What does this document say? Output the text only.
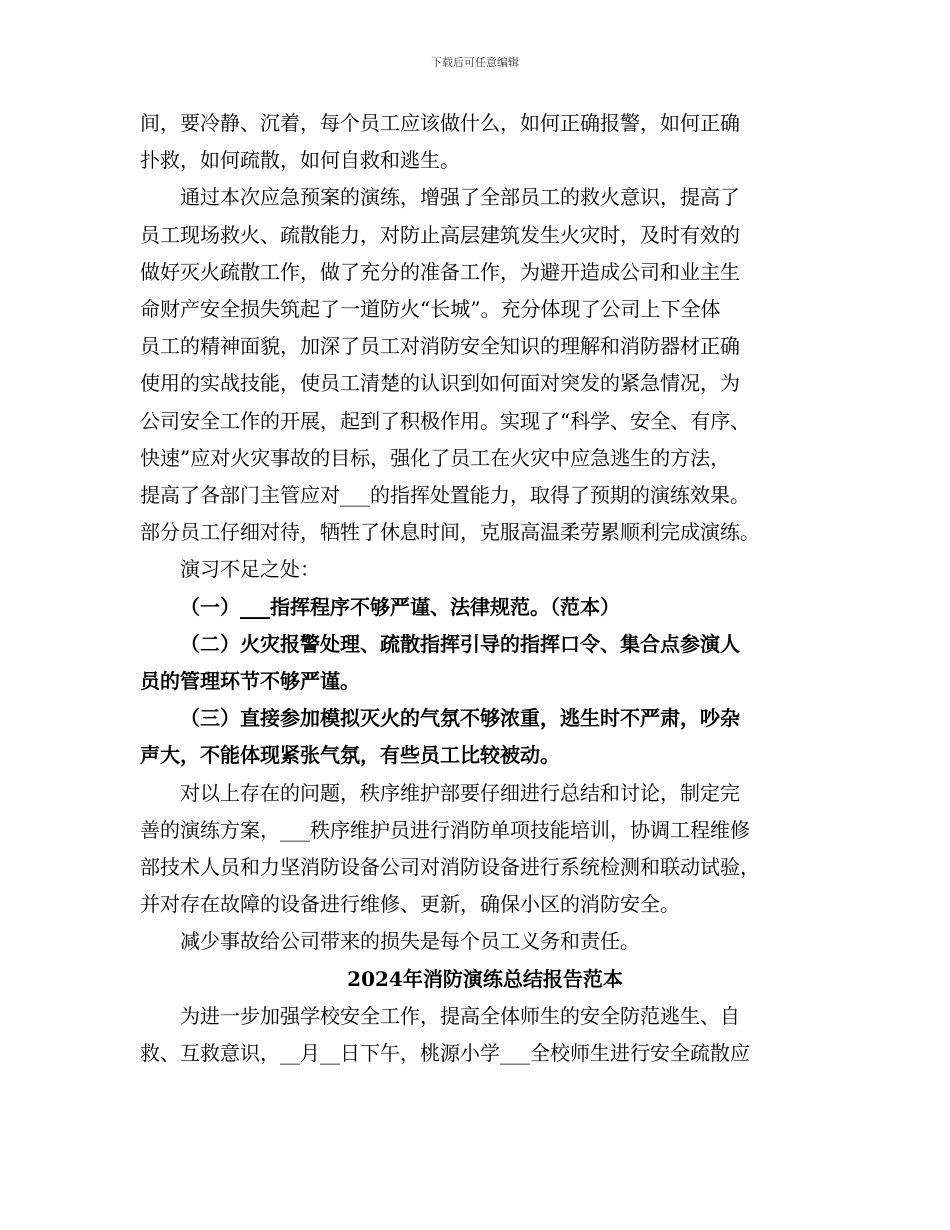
下载后可任意编辑

间，要冷静、沉着，每个员工应该做什么，如何正确报警，如何正确
扑救，如何疏散，如何自救和逃生。

通过本次应急预案的演练，增强了全部员工的救火意识，提高了
员工现场救火、疏散能力，对防止高层建筑发生火灾时，及时有效的
做好灭火疏散工作，做了充分的准备工作，为避开造成公司和业主生
命财产安全损失筑起了一道防火“长城”。充分体现了公司上下全体
员工的精神面貌，加深了员工对消防安全知识的理解和消防器材正确
使用的实战技能，使员工清楚的认识到如何面对突发的紧急情况，为
公司安全工作的开展，起到了积极作用。实现了“科学、安全、有序、
快速”应对火灾事故的目标，强化了员工在火灾中应急逃生的方法，
提高了各部门主管应对___的指挥处置能力，取得了预期的演练效果。
部分员工仔细对待，牺牲了休息时间，克服高温柔劳累顺利完成演练。

演习不足之处：

（一）___指挥程序不够严谨、法律规范。（范本）

（二）火灾报警处理、疏散指挥引导的指挥口令、集合点参演人
员的管理环节不够严谨。

（三）直接参加模拟灭火的气氛不够浓重，逃生时不严肃，吵杂
声大，不能体现紧张气氛，有些员工比较被动。

对以上存在的问题，秩序维护部要仔细进行总结和讨论，制定完
善的演练方案，___秩序维护员进行消防单项技能培训，协调工程维修
部技术人员和力坚消防设备公司对消防设备进行系统检测和联动试验，
并对存在故障的设备进行维修、更新，确保小区的消防安全。

减少事故给公司带来的损失是每个员工义务和责任。

2024年消防演练总结报告范本

为进一步加强学校安全工作，提高全体师生的安全防范逃生、自
救、互救意识，__月__日下午，桃源小学___全校师生进行安全疏散应
